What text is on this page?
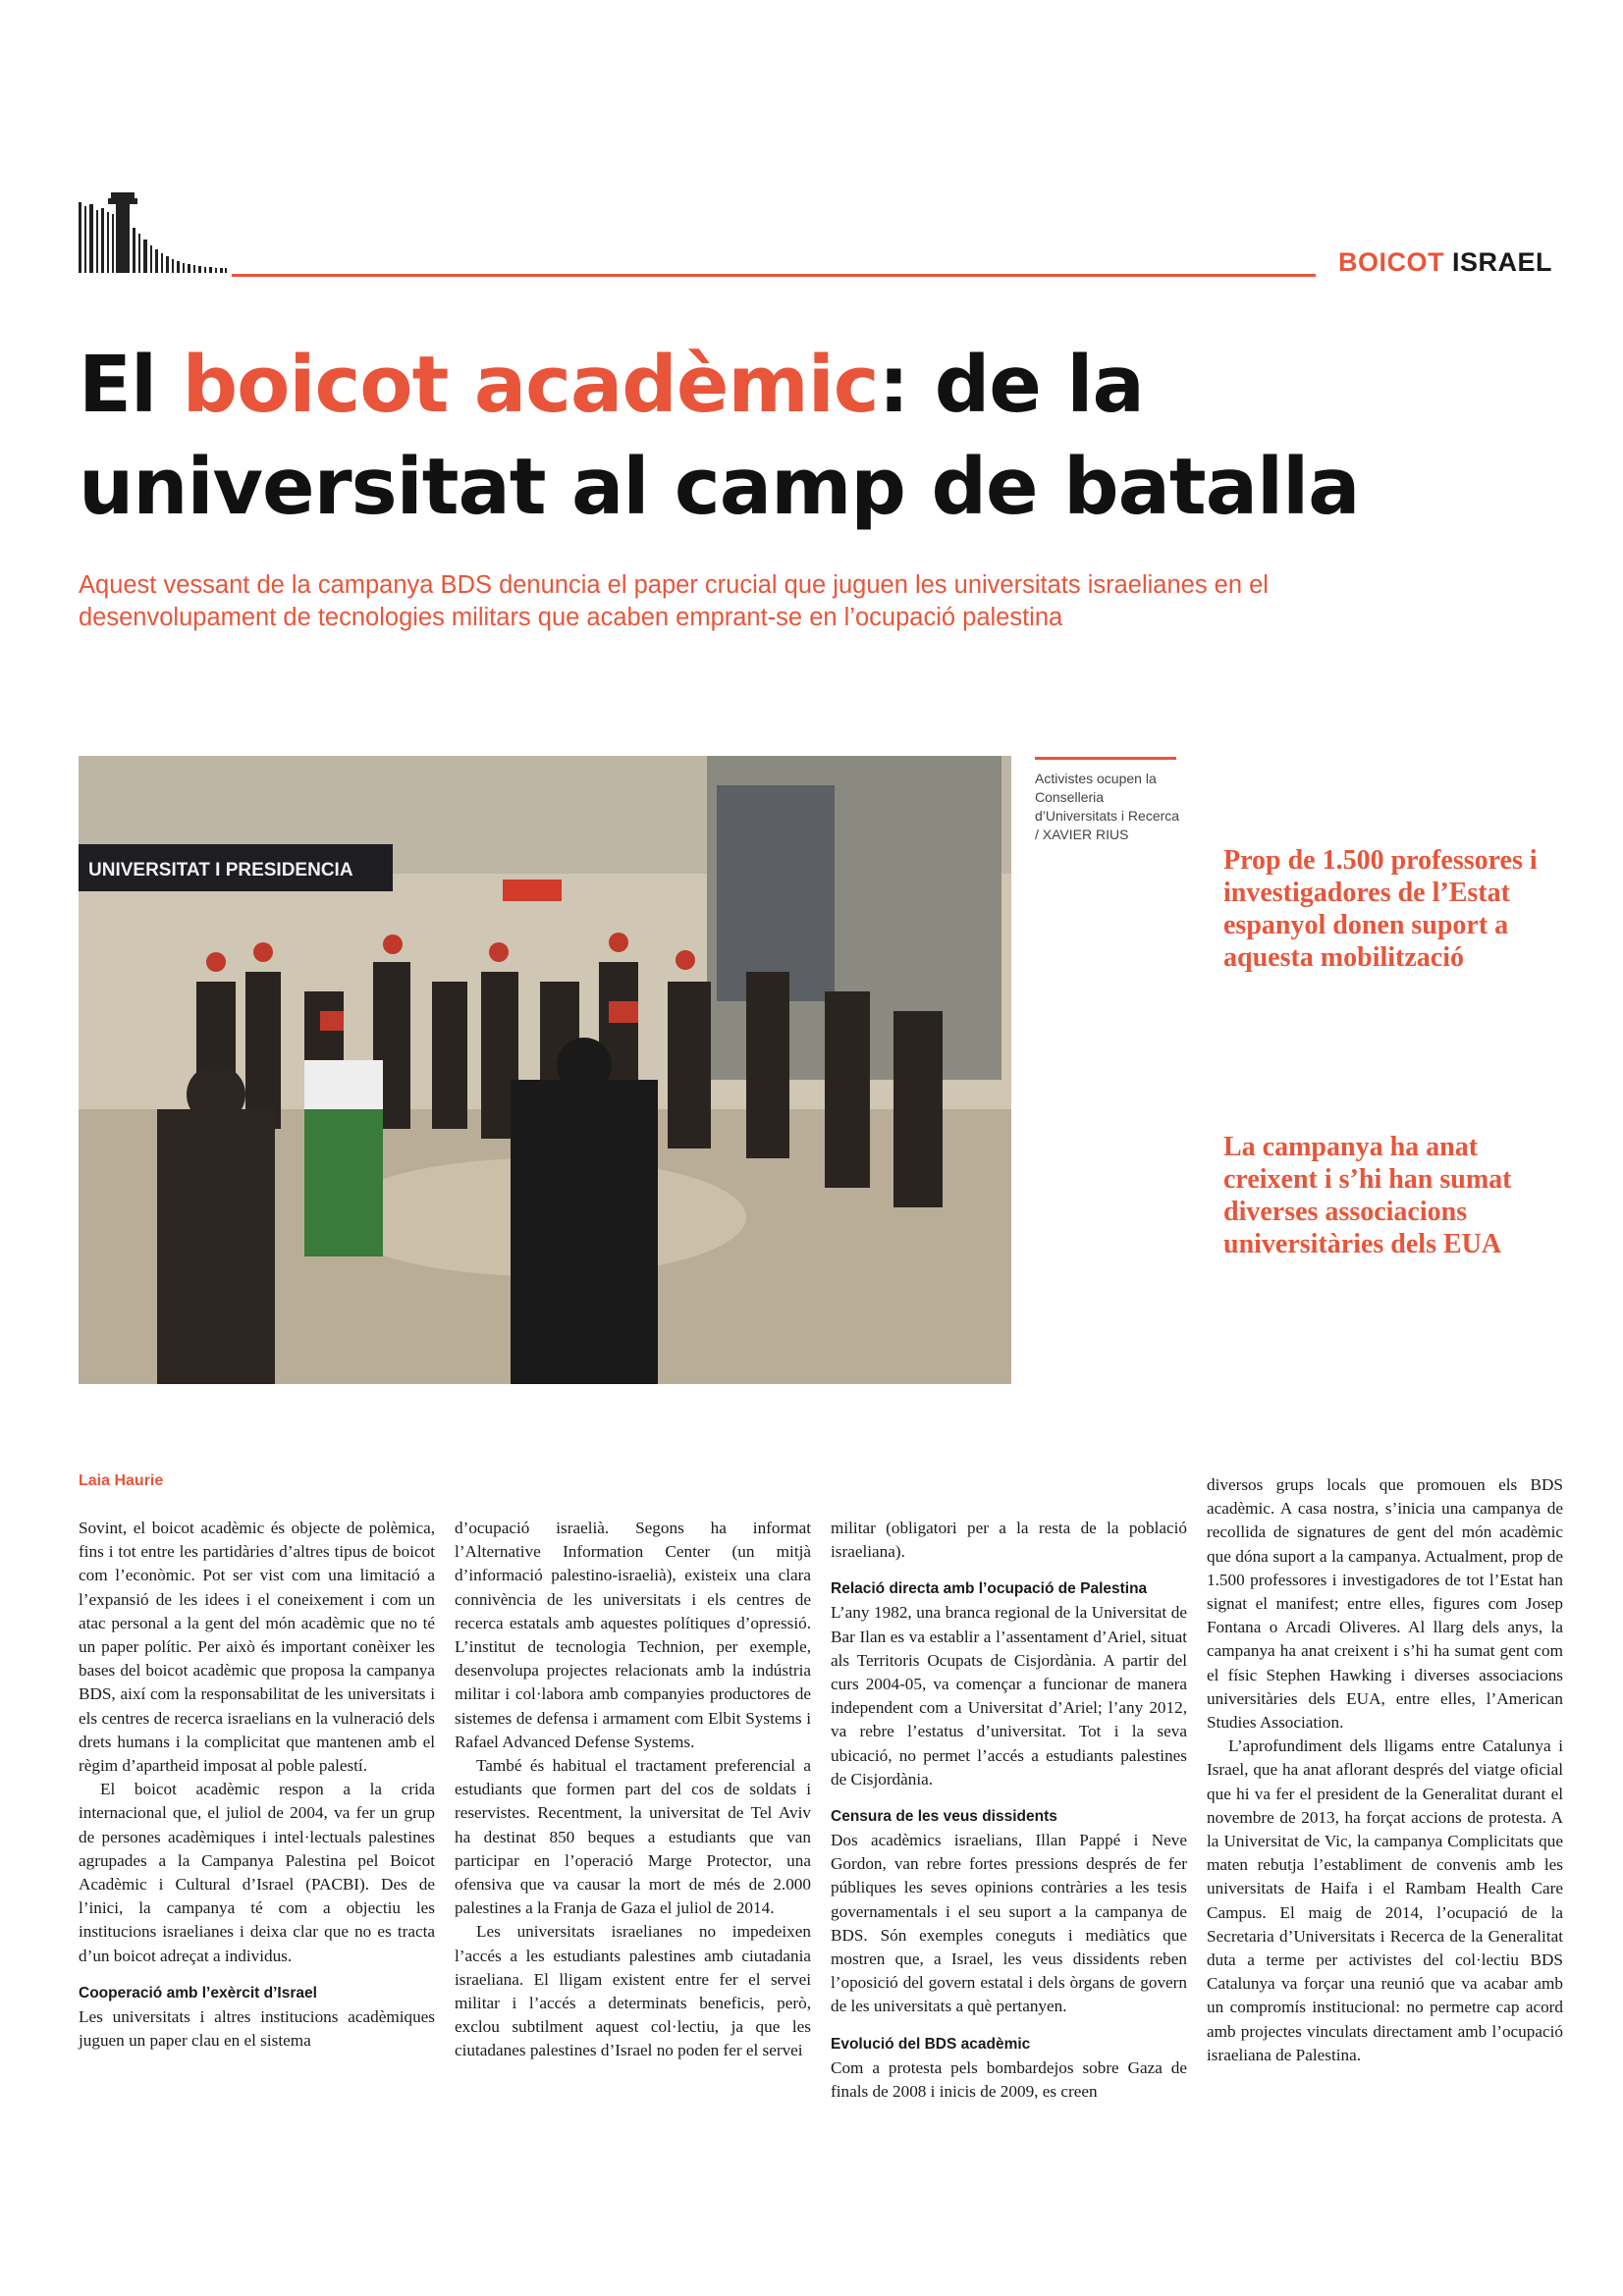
BOICOT ISRAEL
El boicot acadèmic: de la
universitat al camp de batalla

Aquest vessant de la campanya BDS denuncia el paper crucial que juguen les universitats israelianes en el desenvolupament de tecnologies militars que acaben emprant-se en l’ocupació palestina

UNIVERSITAT I PRESIDENCIA

Activistes ocupen la Conselleria d’Universitats i Recerca / XAVIER RIUS

Prop de 1.500 professores i investigadores de l’Estat espanyol donen suport a aquesta mobilització

La campanya ha anat creixent i s’hi han sumat diverses associacions universitàries dels EUA

Laia Haurie

Sovint, el boicot acadèmic és objecte de polèmica, fins i tot entre les partidàries d’altres tipus de boicot com l’econòmic. Pot ser vist com una limitació a l’expansió de les idees i el coneixement i com un atac personal a la gent del món acadèmic que no té un paper polític. Per això és important conèixer les bases del boicot acadèmic que proposa la campanya BDS, així com la responsabilitat de les universitats i els centres de recerca israelians en la vulneració dels drets humans i la complicitat que mantenen amb el règim d’apartheid imposat al poble palestí.

El boicot acadèmic respon a la crida internacional que, el juliol de 2004, va fer un grup de persones acadèmiques i intel·lectuals palestines agrupades a la Campanya Palestina pel Boicot Acadèmic i Cultural d’Israel (PACBI). Des de l’inici, la campanya té com a objectiu les institucions israelianes i deixa clar que no es tracta d’un boicot adreçat a individus.

Cooperació amb l’exèrcit d’Israel

Les universitats i altres institucions acadèmiques juguen un paper clau en el sistema

d’ocupació israelià. Segons ha informat l’Alternative Information Center (un mitjà d’informació palestino-israelià), existeix una clara connivència de les universitats i els centres de recerca estatals amb aquestes polítiques d’opressió. L’institut de tecnologia Technion, per exemple, desenvolupa projectes relacionats amb la indústria militar i col·labora amb companyies productores de sistemes de defensa i armament com Elbit Systems i Rafael Advanced Defense Systems.

També és habitual el tractament preferencial a estudiants que formen part del cos de soldats i reservistes. Recentment, la universitat de Tel Aviv ha destinat 850 beques a estudiants que van participar en l’operació Marge Protector, una ofensiva que va causar la mort de més de 2.000 palestines a la Franja de Gaza el juliol de 2014.

Les universitats israelianes no impedeixen l’accés a les estudiants palestines amb ciutadania israeliana. El lligam existent entre fer el servei militar i l’accés a determinats beneficis, però, exclou subtilment aquest col·lectiu, ja que les ciutadanes palestines d’Israel no poden fer el servei

militar (obligatori per a la resta de la població israeliana).

Relació directa amb l’ocupació de Palestina

L’any 1982, una branca regional de la Universitat de Bar Ilan es va establir a l’assentament d’Ariel, situat als Territoris Ocupats de Cisjordània. A partir del curs 2004-05, va començar a funcionar de manera independent com a Universitat d’Ariel; l’any 2012, va rebre l’estatus d’universitat. Tot i la seva ubicació, no permet l’accés a estudiants palestines de Cisjordània.

Censura de les veus dissidents

Dos acadèmics israelians, Illan Pappé i Neve Gordon, van rebre fortes pressions després de fer públiques les seves opinions contràries a les tesis governamentals i el seu suport a la campanya de BDS. Són exemples coneguts i mediàtics que mostren que, a Israel, les veus dissidents reben l’oposició del govern estatal i dels òrgans de govern de les universitats a què pertanyen.

Evolució del BDS acadèmic

Com a protesta pels bombardejos sobre Gaza de finals de 2008 i inicis de 2009, es creen

diversos grups locals que promouen els BDS acadèmic. A casa nostra, s’inicia una campanya de recollida de signatures de gent del món acadèmic que dóna suport a la campanya. Actualment, prop de 1.500 professores i investigadores de tot l’Estat han signat el manifest; entre elles, figures com Josep Fontana o Arcadi Oliveres. Al llarg dels anys, la campanya ha anat creixent i s’hi ha sumat gent com el físic Stephen Hawking i diverses associacions universitàries dels EUA, entre elles, l’American Studies Association.

L’aprofundiment dels lligams entre Catalunya i Israel, que ha anat aflorant després del viatge oficial que hi va fer el president de la Generalitat durant el novembre de 2013, ha forçat accions de protesta. A la Universitat de Vic, la campanya Complicitats que maten rebutja l’establiment de convenis amb les universitats de Haifa i el Rambam Health Care Campus. El maig de 2014, l’ocupació de la Secretaria d’Universitats i Recerca de la Generalitat duta a terme per activistes del col·lectiu BDS Catalunya va forçar una reunió que va acabar amb un compromís institucional: no permetre cap acord amb projectes vinculats directament amb l’ocupació israeliana de Palestina.
